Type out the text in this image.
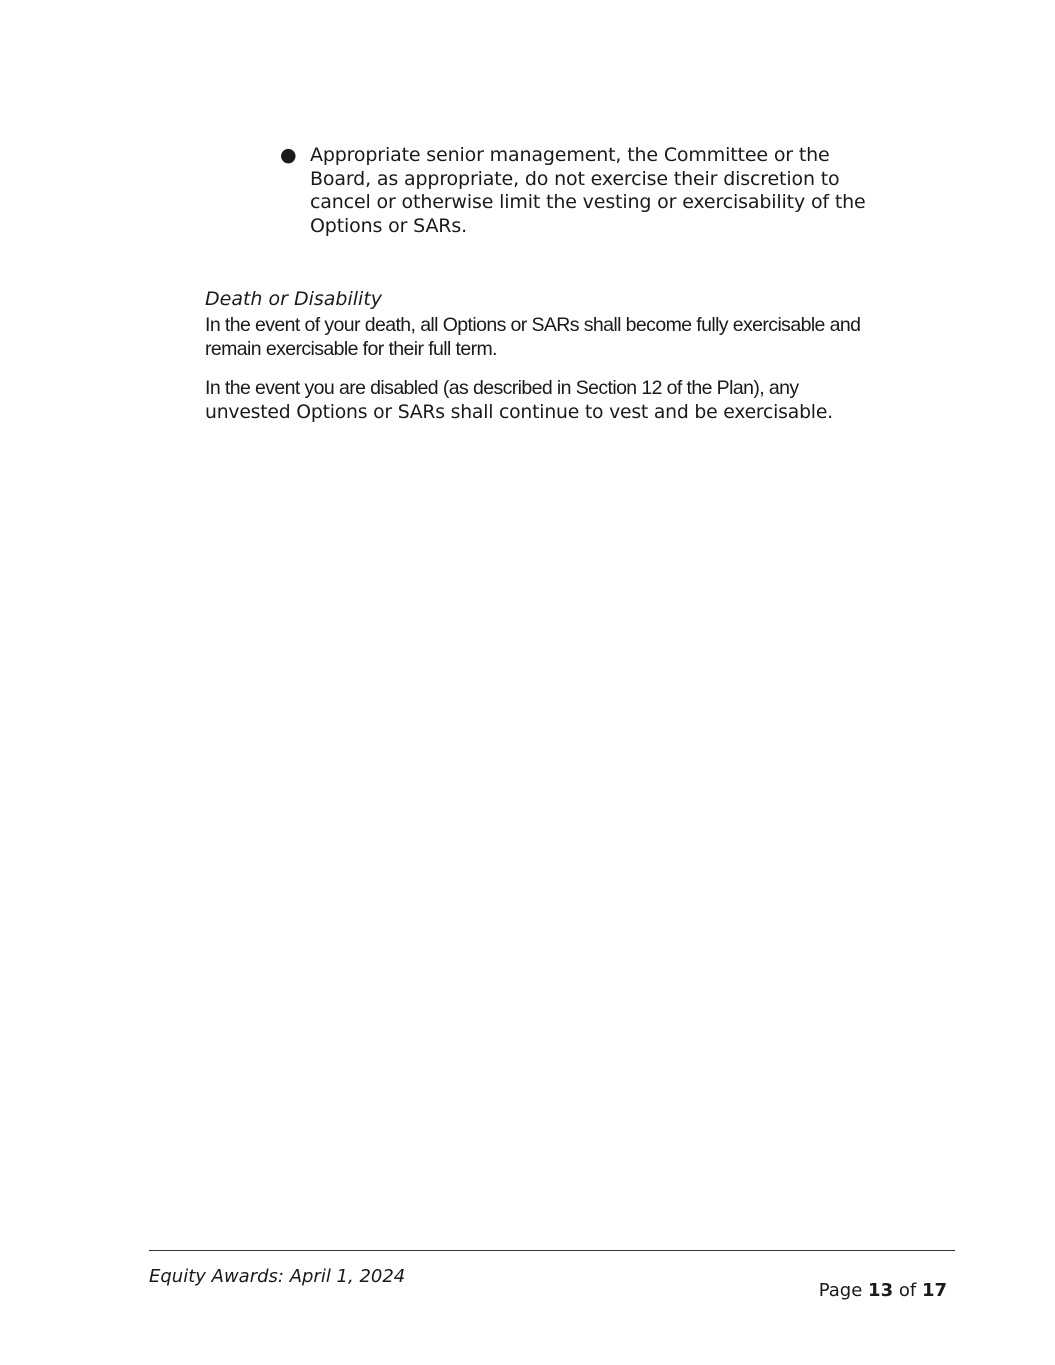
● Appropriate senior management, the Committee or the Board, as appropriate, do not exercise their discretion to cancel or otherwise limit the vesting or exercisability of the Options or SARs.
Death or Disability
In the event of your death, all Options or SARs shall become fully exercisable and
remain exercisable for their full term.
In the event you are disabled (as described in Section 12 of the Plan), any
unvested Options or SARs shall continue to vest and be exercisable.
Equity Awards: April 1, 2024
Page 13 of 17
